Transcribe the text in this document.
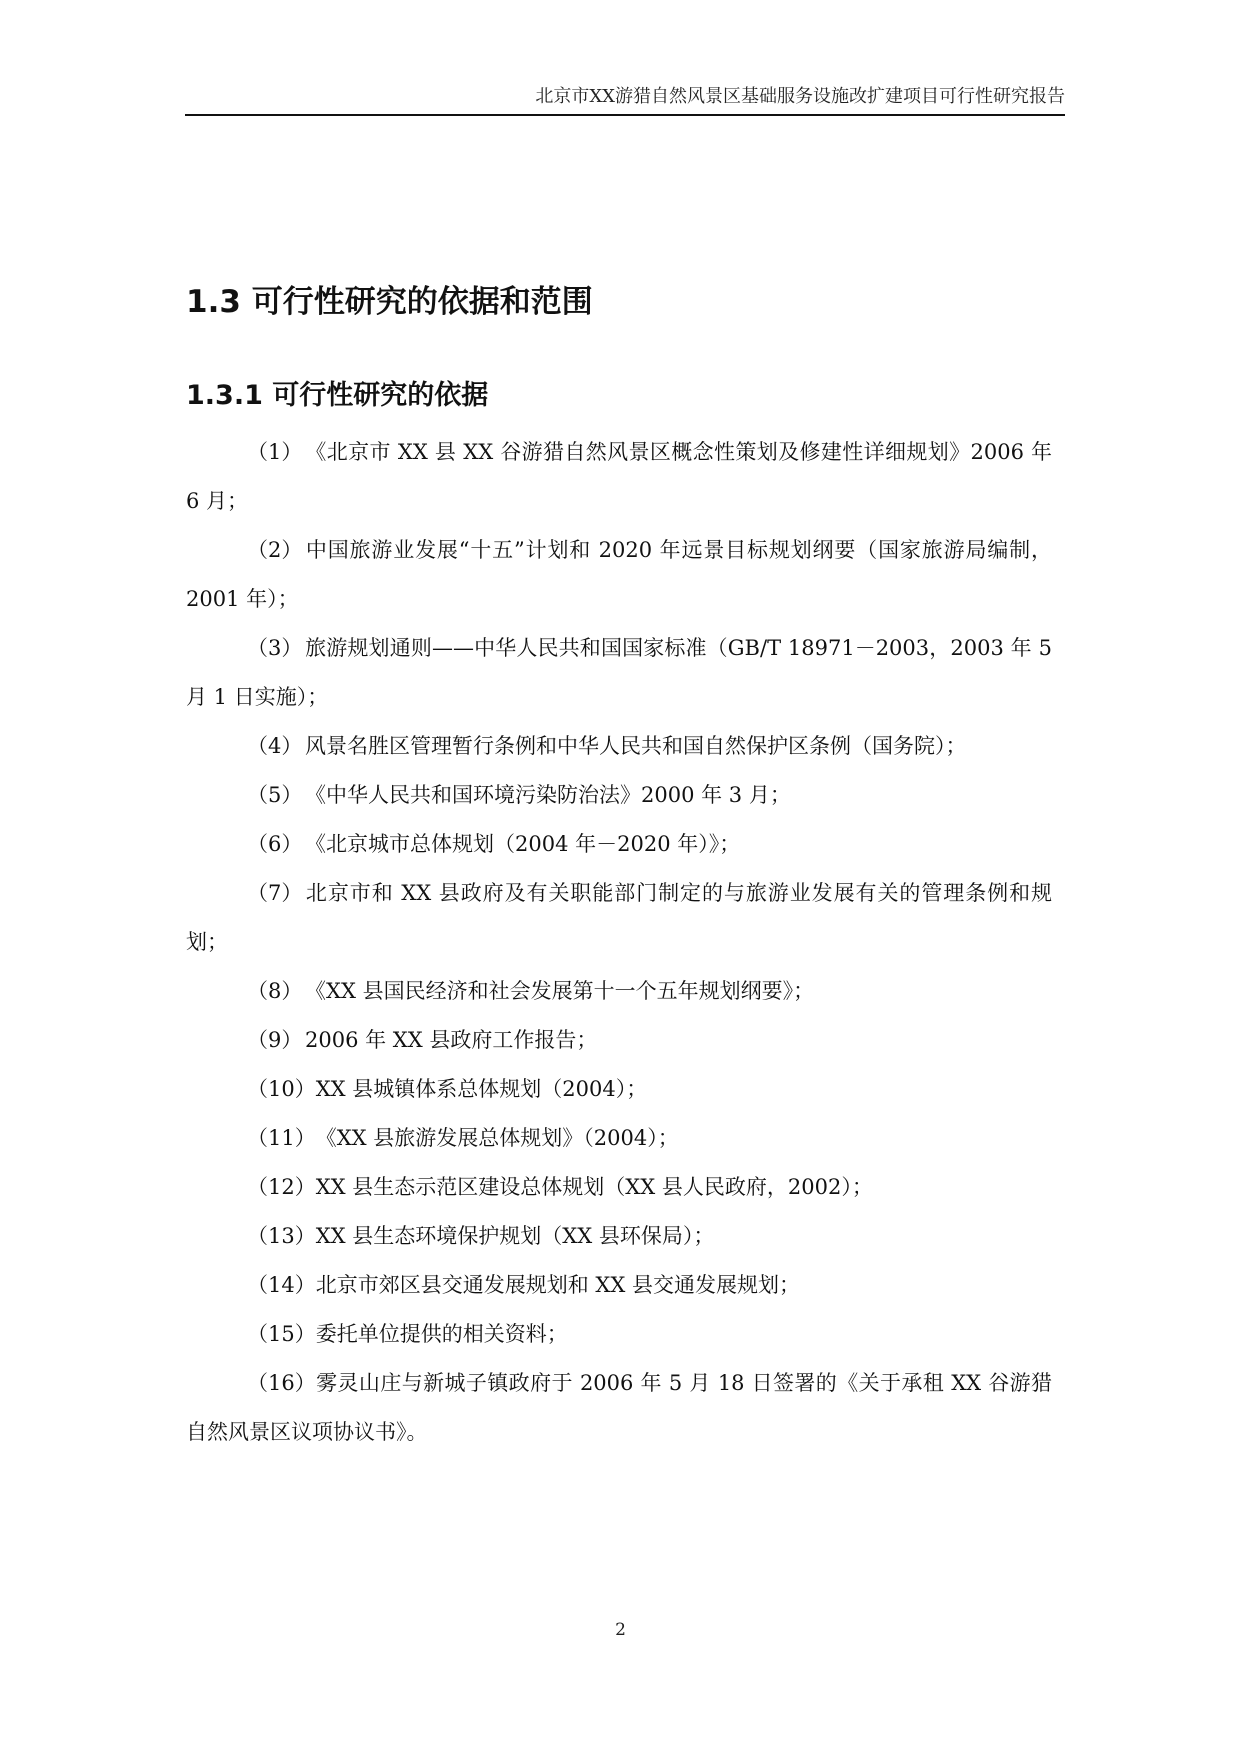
北京市XX游猎自然风景区基础服务设施改扩建项目可行性研究报告
1.3 可行性研究的依据和范围
1.3.1 可行性研究的依据
（1） 《北京市 XX 县 XX 谷游猎自然风景区概念性策划及修建性详细规划》2006 年 6 月；
（2） 中国旅游业发展“十五”计划和 2020 年远景目标规划纲要（国家旅游局编制，2001 年）；
（3） 旅游规划通则——中华人民共和国国家标准（GB/T 18971－2003，2003 年 5 月 1 日实施）；
（4） 风景名胜区管理暂行条例和中华人民共和国自然保护区条例（国务院）；
（5） 《中华人民共和国环境污染防治法》2000 年 3 月；
（6） 《北京城市总体规划（2004 年－2020 年）》；
（7） 北京市和 XX 县政府及有关职能部门制定的与旅游业发展有关的管理条例和规划；
（8） 《XX 县国民经济和社会发展第十一个五年规划纲要》；
（9） 2006 年 XX 县政府工作报告；
（10）XX 县城镇体系总体规划（2004）；
（11）《XX 县旅游发展总体规划》（2004）；
（12）XX 县生态示范区建设总体规划（XX 县人民政府，2002）；
（13）XX 县生态环境保护规划（XX 县环保局）；
（14）北京市郊区县交通发展规划和 XX 县交通发展规划；
（15）委托单位提供的相关资料；
（16）雾灵山庄与新城子镇政府于 2006 年 5 月 18 日签署的《关于承租 XX 谷游猎自然风景区议项协议书》。
2
